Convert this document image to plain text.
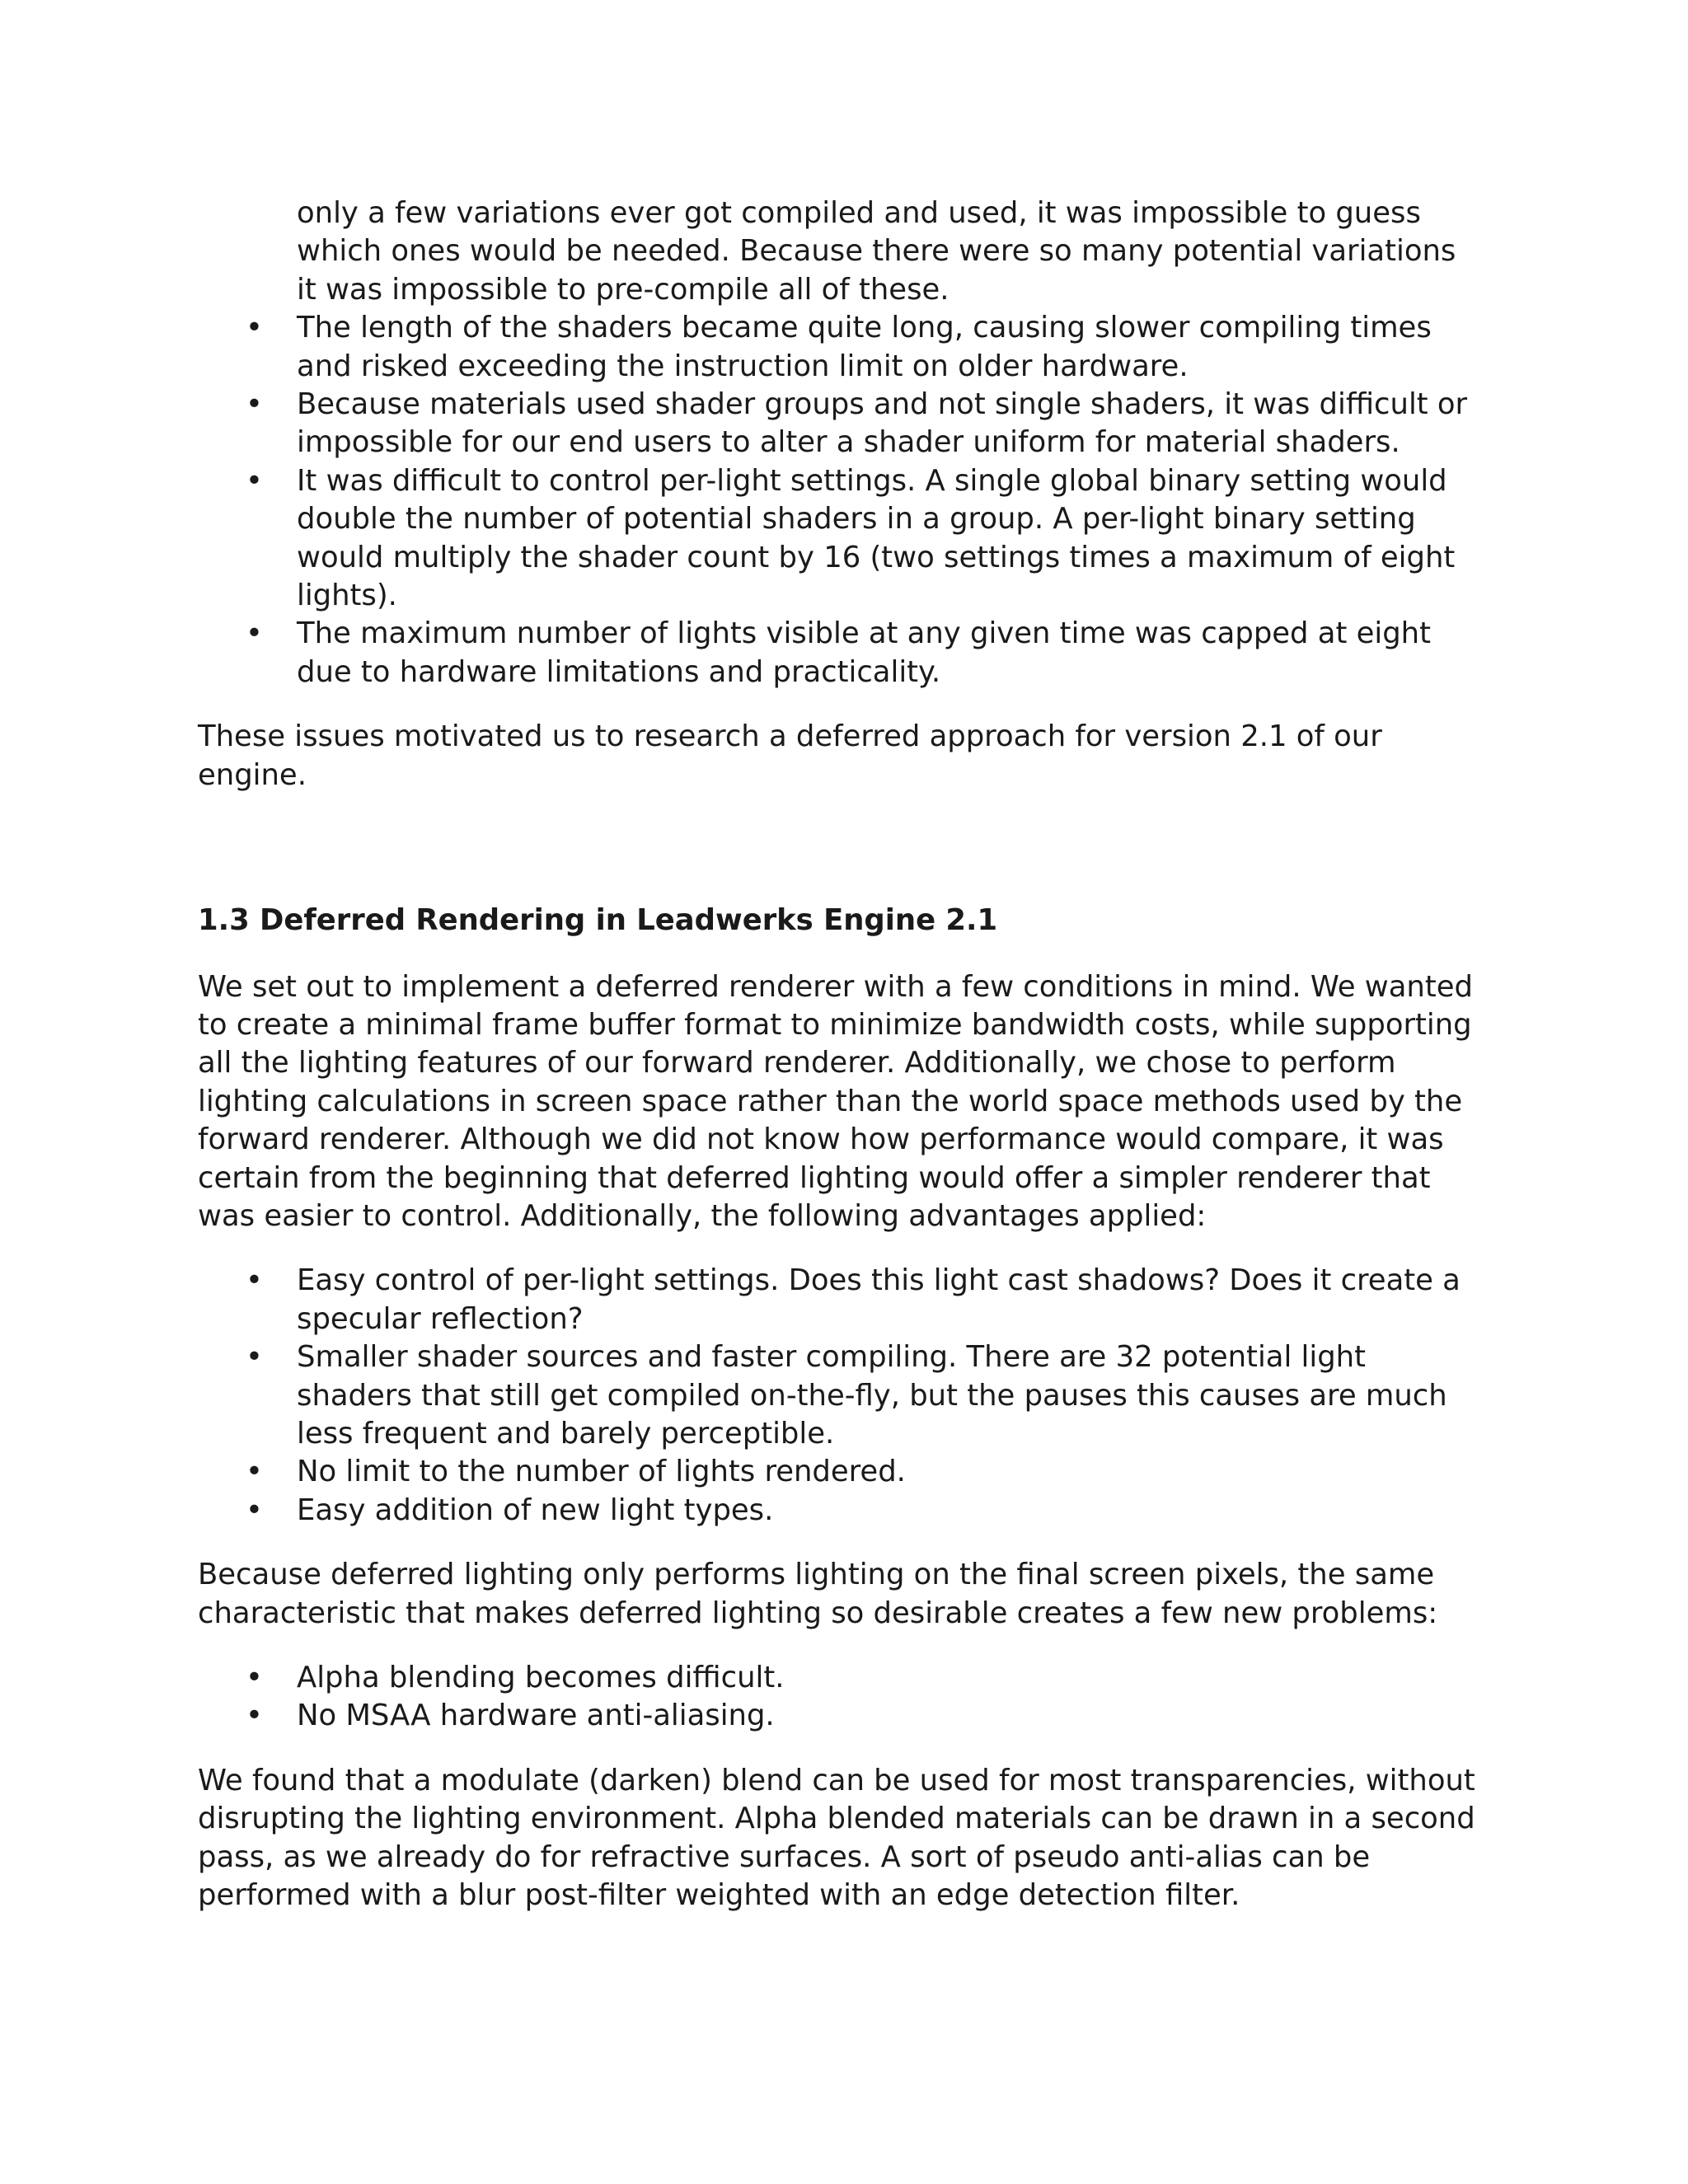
only a few variations ever got compiled and used, it was impossible to guess which ones would be needed. Because there were so many potential variations it was impossible to pre-compile all of these.

• The length of the shaders became quite long, causing slower compiling times and risked exceeding the instruction limit on older hardware.
• Because materials used shader groups and not single shaders, it was difficult or impossible for our end users to alter a shader uniform for material shaders.
• It was difficult to control per-light settings. A single global binary setting would double the number of potential shaders in a group. A per-light binary setting would multiply the shader count by 16 (two settings times a maximum of eight lights).
• The maximum number of lights visible at any given time was capped at eight due to hardware limitations and practicality.

These issues motivated us to research a deferred approach for version 2.1 of our engine.

1.3 Deferred Rendering in Leadwerks Engine 2.1

We set out to implement a deferred renderer with a few conditions in mind. We wanted to create a minimal frame buffer format to minimize bandwidth costs, while supporting all the lighting features of our forward renderer. Additionally, we chose to perform lighting calculations in screen space rather than the world space methods used by the forward renderer. Although we did not know how performance would compare, it was certain from the beginning that deferred lighting would offer a simpler renderer that was easier to control. Additionally, the following advantages applied:

• Easy control of per-light settings. Does this light cast shadows? Does it create a specular reflection?
• Smaller shader sources and faster compiling. There are 32 potential light shaders that still get compiled on-the-fly, but the pauses this causes are much less frequent and barely perceptible.
• No limit to the number of lights rendered.
• Easy addition of new light types.

Because deferred lighting only performs lighting on the final screen pixels, the same characteristic that makes deferred lighting so desirable creates a few new problems:

• Alpha blending becomes difficult.
• No MSAA hardware anti-aliasing.

We found that a modulate (darken) blend can be used for most transparencies, without disrupting the lighting environment. Alpha blended materials can be drawn in a second pass, as we already do for refractive surfaces. A sort of pseudo anti-alias can be performed with a blur post-filter weighted with an edge detection filter.
